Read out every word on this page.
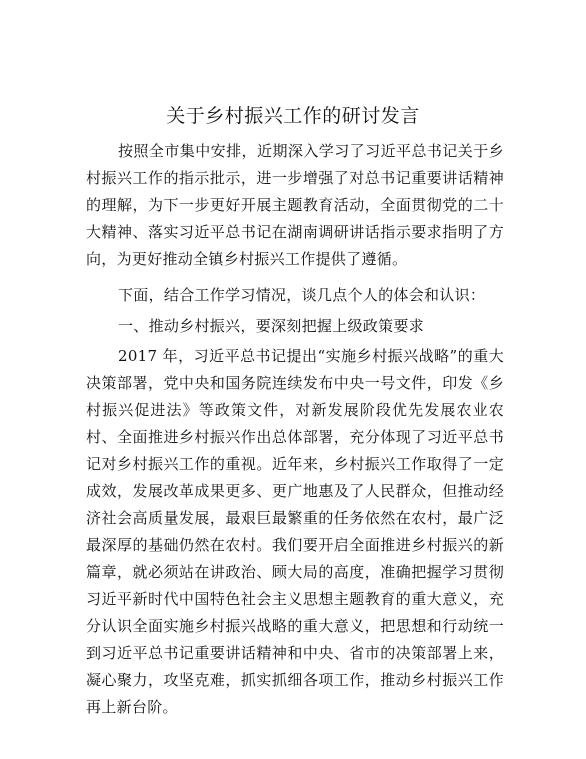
关于乡村振兴工作的研讨发言

按照全市集中安排，近期深入学习了习近平总书记关于乡村振兴工作的指示批示，进一步增强了对总书记重要讲话精神的理解，为下一步更好开展主题教育活动，全面贯彻党的二十大精神、落实习近平总书记在湖南调研讲话指示要求指明了方向，为更好推动全镇乡村振兴工作提供了遵循。

下面，结合工作学习情况，谈几点个人的体会和认识：

一、推动乡村振兴，要深刻把握上级政策要求

2017 年，习近平总书记提出“实施乡村振兴战略”的重大决策部署，党中央和国务院连续发布中央一号文件，印发《乡村振兴促进法》等政策文件，对新发展阶段优先发展农业农村、全面推进乡村振兴作出总体部署，充分体现了习近平总书记对乡村振兴工作的重视。近年来，乡村振兴工作取得了一定成效，发展改革成果更多、更广地惠及了人民群众，但推动经济社会高质量发展，最艰巨最繁重的任务依然在农村，最广泛最深厚的基础仍然在农村。我们要开启全面推进乡村振兴的新篇章，就必须站在讲政治、顾大局的高度，准确把握学习贯彻习近平新时代中国特色社会主义思想主题教育的重大意义，充分认识全面实施乡村振兴战略的重大意义，把思想和行动统一到习近平总书记重要讲话精神和中央、省市的决策部署上来，凝心聚力，攻坚克难，抓实抓细各项工作，推动乡村振兴工作再上新台阶。
